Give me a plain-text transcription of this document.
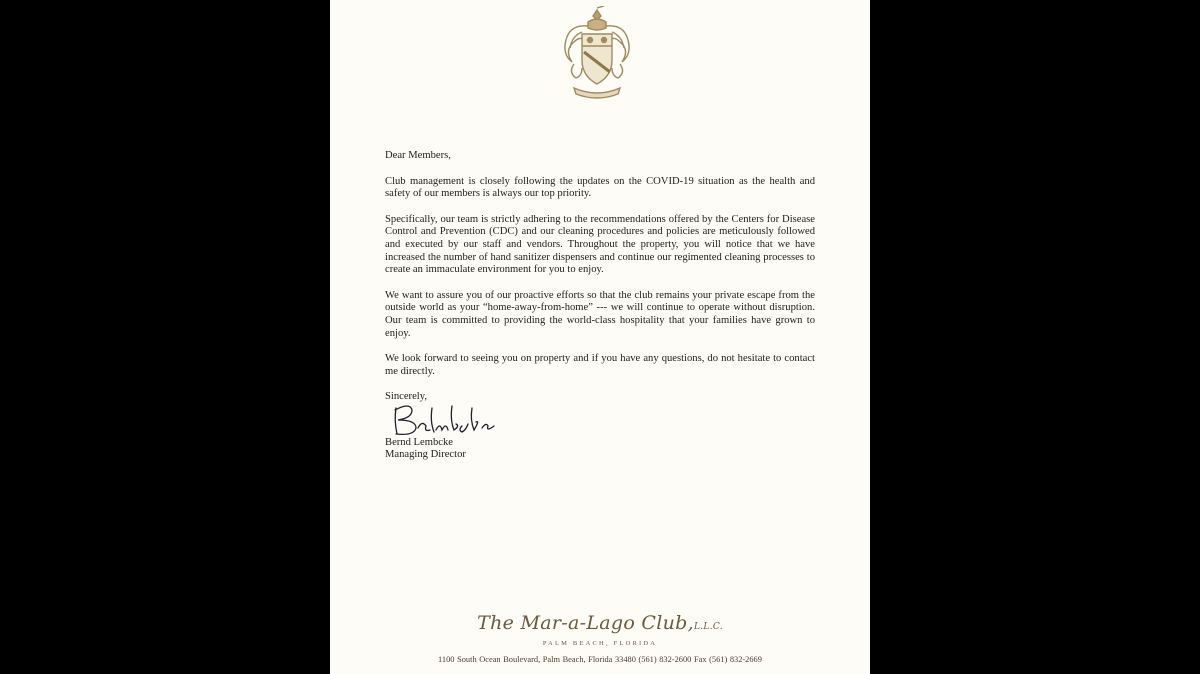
Dear Members,

Club management is closely following the updates on the COVID-19 situation as the health and safety of our members is always our top priority.

Specifically, our team is strictly adhering to the recommendations offered by the Centers for Disease Control and Prevention (CDC) and our cleaning procedures and policies are meticulously followed and executed by our staff and vendors. Throughout the property, you will notice that we have increased the number of hand sanitizer dispensers and continue our regimented cleaning processes to create an immaculate environment for you to enjoy.

We want to assure you of our proactive efforts so that the club remains your private escape from the outside world as your “home-away-from-home” --- we will continue to operate without disruption. Our team is committed to providing the world-class hospitality that your families have grown to enjoy.

We look forward to seeing you on property and if you have any questions, do not hesitate to contact me directly.

Sincerely,

Bernd Lembcke
Managing Director
The Mar-a-Lago Club,L.L.C.
PALM BEACH, FLORIDA
1100 South Ocean Boulevard, Palm Beach, Florida 33480 (561) 832-2600 Fax (561) 832-2669
